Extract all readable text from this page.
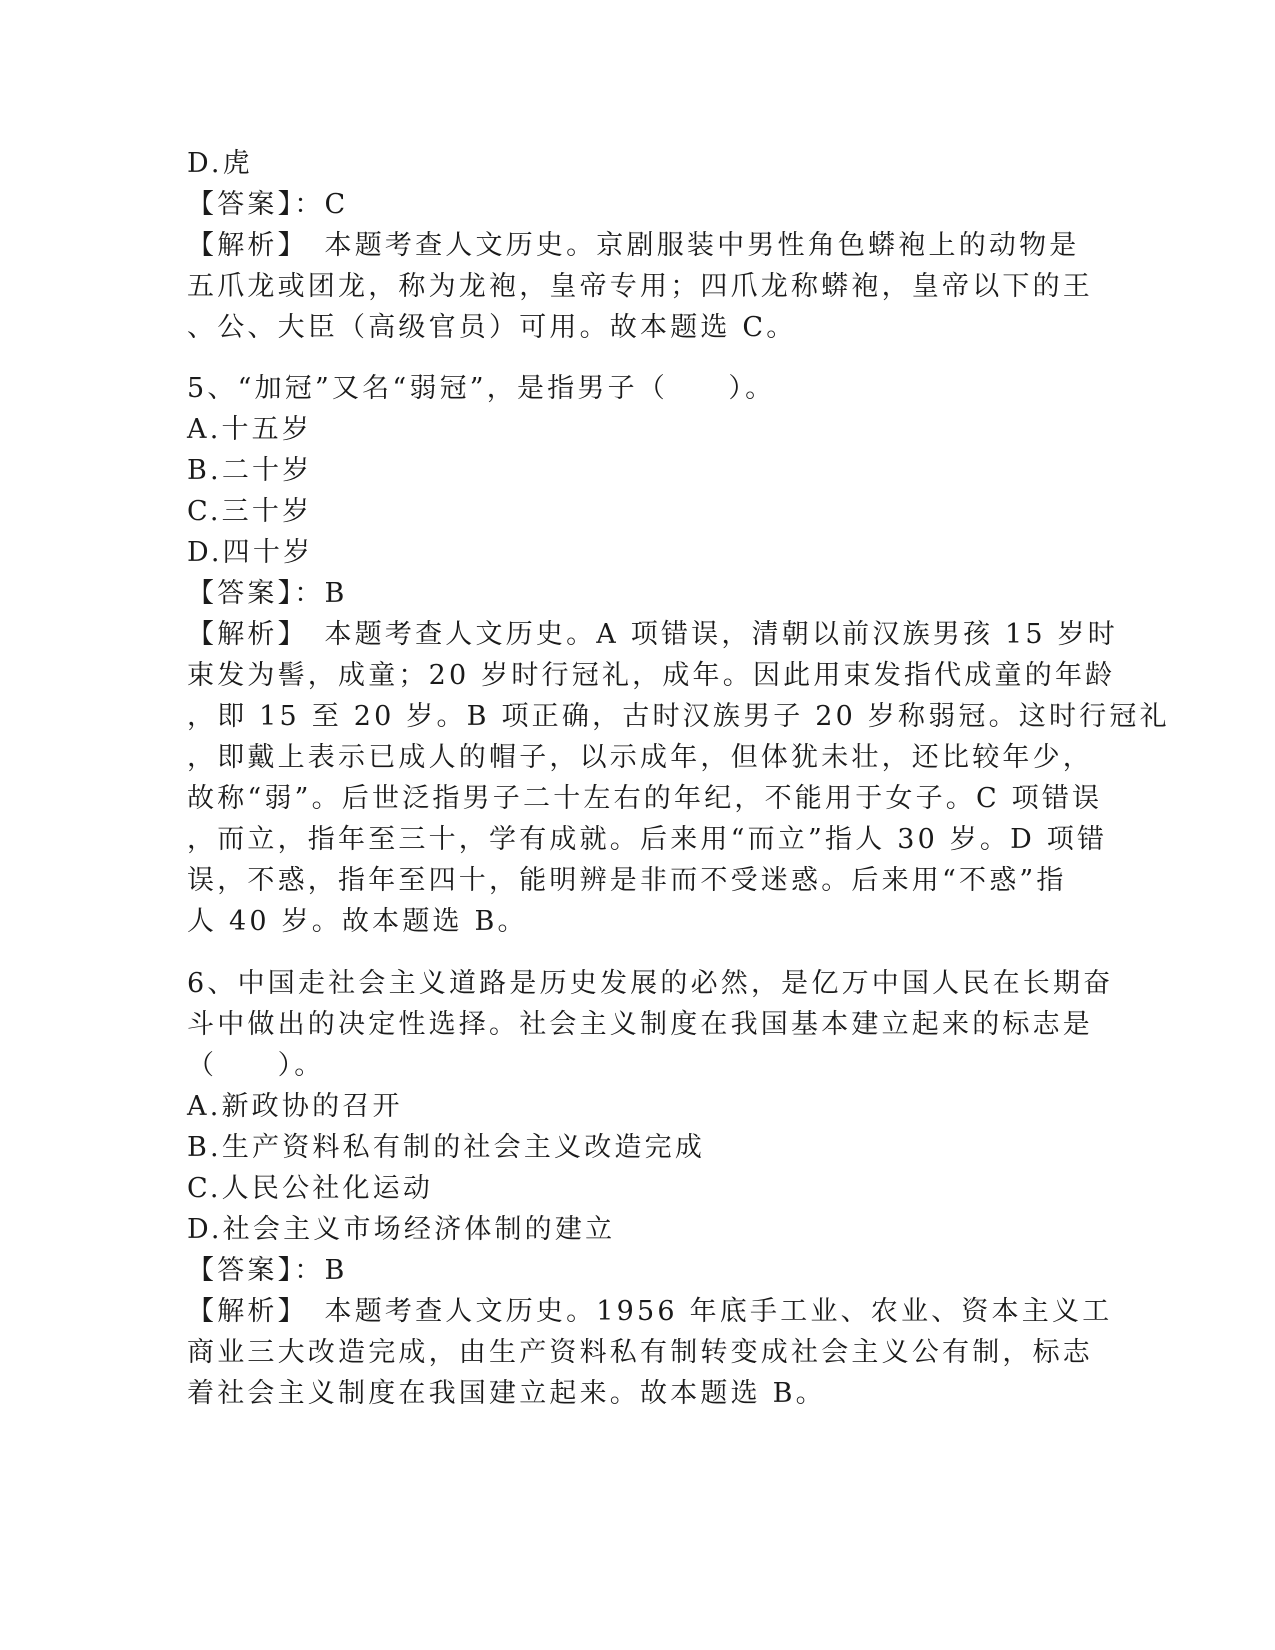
D.虎
【答案】：C
【解析】　本题考查人文历史。京剧服装中男性角色蟒袍上的动物是
五爪龙或团龙，称为龙袍，皇帝专用；四爪龙称蟒袍，皇帝以下的王
、公、大臣（高级官员）可用。故本题选 C。
5、“加冠”又名“弱冠”，是指男子（　　）。
A.十五岁
B.二十岁
C.三十岁
D.四十岁
【答案】：B
【解析】　本题考查人文历史。A 项错误，清朝以前汉族男孩 15 岁时
束发为髻，成童；20 岁时行冠礼，成年。因此用束发指代成童的年龄
，即 15 至 20 岁。B 项正确，古时汉族男子 20 岁称弱冠。这时行冠礼
，即戴上表示已成人的帽子，以示成年，但体犹未壮，还比较年少，
故称“弱”。后世泛指男子二十左右的年纪，不能用于女子。C 项错误
，而立，指年至三十，学有成就。后来用“而立”指人 30 岁。D 项错
误，不惑，指年至四十，能明辨是非而不受迷惑。后来用“不惑”指
人 40 岁。故本题选 B。
6、中国走社会主义道路是历史发展的必然，是亿万中国人民在长期奋
斗中做出的决定性选择。社会主义制度在我国基本建立起来的标志是
（　　）。
A.新政协的召开
B.生产资料私有制的社会主义改造完成
C.人民公社化运动
D.社会主义市场经济体制的建立
【答案】：B
【解析】　本题考查人文历史。1956 年底手工业、农业、资本主义工
商业三大改造完成，由生产资料私有制转变成社会主义公有制，标志
着社会主义制度在我国建立起来。故本题选 B。
